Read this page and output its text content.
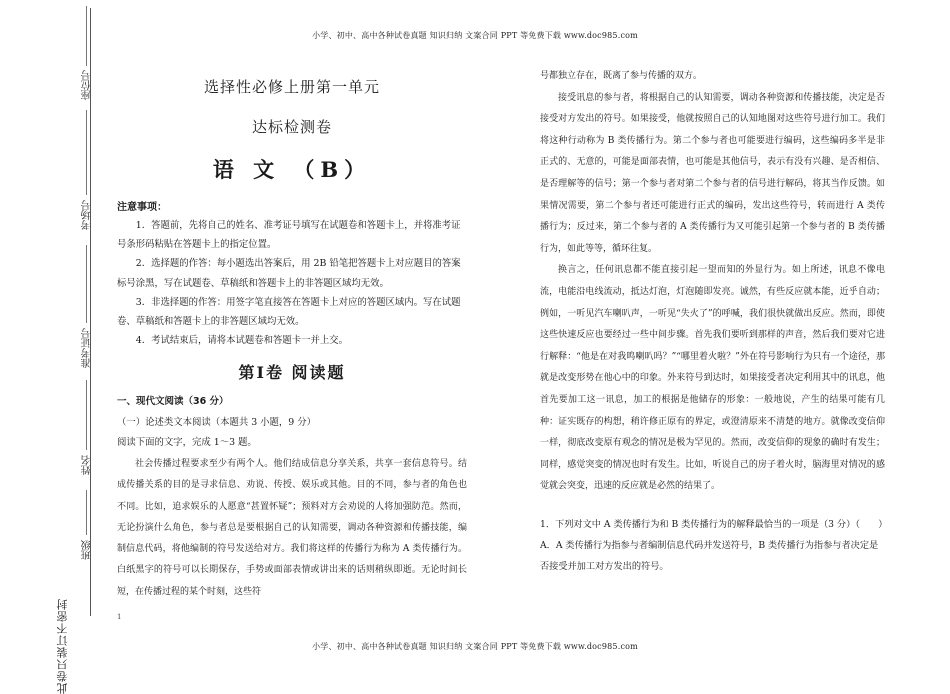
小学、初中、高中各种试卷真题 知识归纳 文案合同 PPT 等免费下载 www.doc985.com
小学、初中、高中各种试卷真题 知识归纳 文案合同 PPT 等免费下载 www.doc985.com
座位号
考场号
准考证号
姓名
班级
此卷只装订不密封	1
选择性必修上册第一单元
达标检测卷
语 文 （B）
注意事项：

1．答题前，先将自己的姓名、准考证号填写在试题卷和答题卡上，并将准考证号条形码粘贴在答题卡上的指定位置。

2．选择题的作答：每小题选出答案后，用 2B 铅笔把答题卡上对应题目的答案标号涂黑，写在试题卷、草稿纸和答题卡上的非答题区域均无效。

3．非选择题的作答：用签字笔直接答在答题卡上对应的答题区域内。写在试题卷、草稿纸和答题卡上的非答题区域均无效。

4．考试结束后，请将本试题卷和答题卡一并上交。

第Ⅰ卷 阅读题
一、现代文阅读（36 分）
（一）论述类文本阅读（本题共 3 小题，9 分）
阅读下面的文字，完成 1～3 题。

社会传播过程要求至少有两个人。他们结成信息分享关系，共享一套信息符号。结成传播关系的目的是寻求信息、劝说、传授、娱乐或其他。目的不同，参与者的角色也不同。比如，追求娱乐的人愿意“甚置怀疑”；预料对方会劝说的人将加强防范。然而，无论扮演什么角色，参与者总是要根据自己的认知需要，调动各种资源和传播技能，编制信息代码，将他编制的符号发送给对方。我们将这样的传播行为称为 A 类传播行为。白纸黑字的符号可以长期保存，手势或面部表情或讲出来的话则稍纵即逝。无论时间长短，在传播过程的某个时刻，这些符

号都独立存在，既离了参与传播的双方。

接受讯息的参与者，将根据自己的认知需要，调动各种资源和传播技能，决定是否接受对方发出的符号。如果接受，他就按照自己的认知地图对这些符号进行加工。我们将这种行动称为 B 类传播行为。第二个参与者也可能要进行编码，这些编码多半是非正式的、无意的，可能是面部表情，也可能是其他信号，表示有没有兴趣、是否相信、是否理解等的信号；第一个参与者对第二个参与者的信号进行解码，将其当作反馈。如果情况需要，第二个参与者还可能进行正式的编码，发出这些符号，转而进行 A 类传播行为；反过来，第二个参与者的 A 类传播行为又可能引起第一个参与者的 B 类传播行为，如此等等，循环往复。

换言之，任何讯息都不能直接引起一望而知的外显行为。如上所述，讯息不像电流，电能沿电线流动，抵达灯泡，灯泡随即发亮。诚然，有些反应就本能，近乎自动；例如，一听见汽车喇叭声，一听见“失火了”的呼喊，我们很快就做出反应。然而，即使这些快速反应也要经过一些中间步骤。首先我们要听到那样的声音，然后我们要对它进行解释：“他是在对我鸣喇叭吗？”“哪里着火啦？”外在符号影响行为只有一个途径，那就是改变形势在他心中的印象。外来符号到达时，如果接受者决定利用其中的讯息，他首先要加工这一讯息，加工的根据是他储存的形象：一般地说，产生的结果可能有几种：证实既存的构想，稍许修正原有的界定，或澄清原来不清楚的地方。就像改变信仰一样，彻底改变原有观念的情况是极为罕见的。然而，改变信仰的现象的确时有发生；同样，感觉突变的情况也时有发生。比如，听说自己的房子着火时，脑海里对情况的感觉就会突变，迅速的反应就是必然的结果了。

1．下列对文中 A 类传播行为和 B 类传播行为的解释最恰当的一项是（3 分）（　　）

A．A 类传播行为指参与者编制信息代码并发送符号，B 类传播行为指参与者决定是否接受并加工对方发出的符号。
